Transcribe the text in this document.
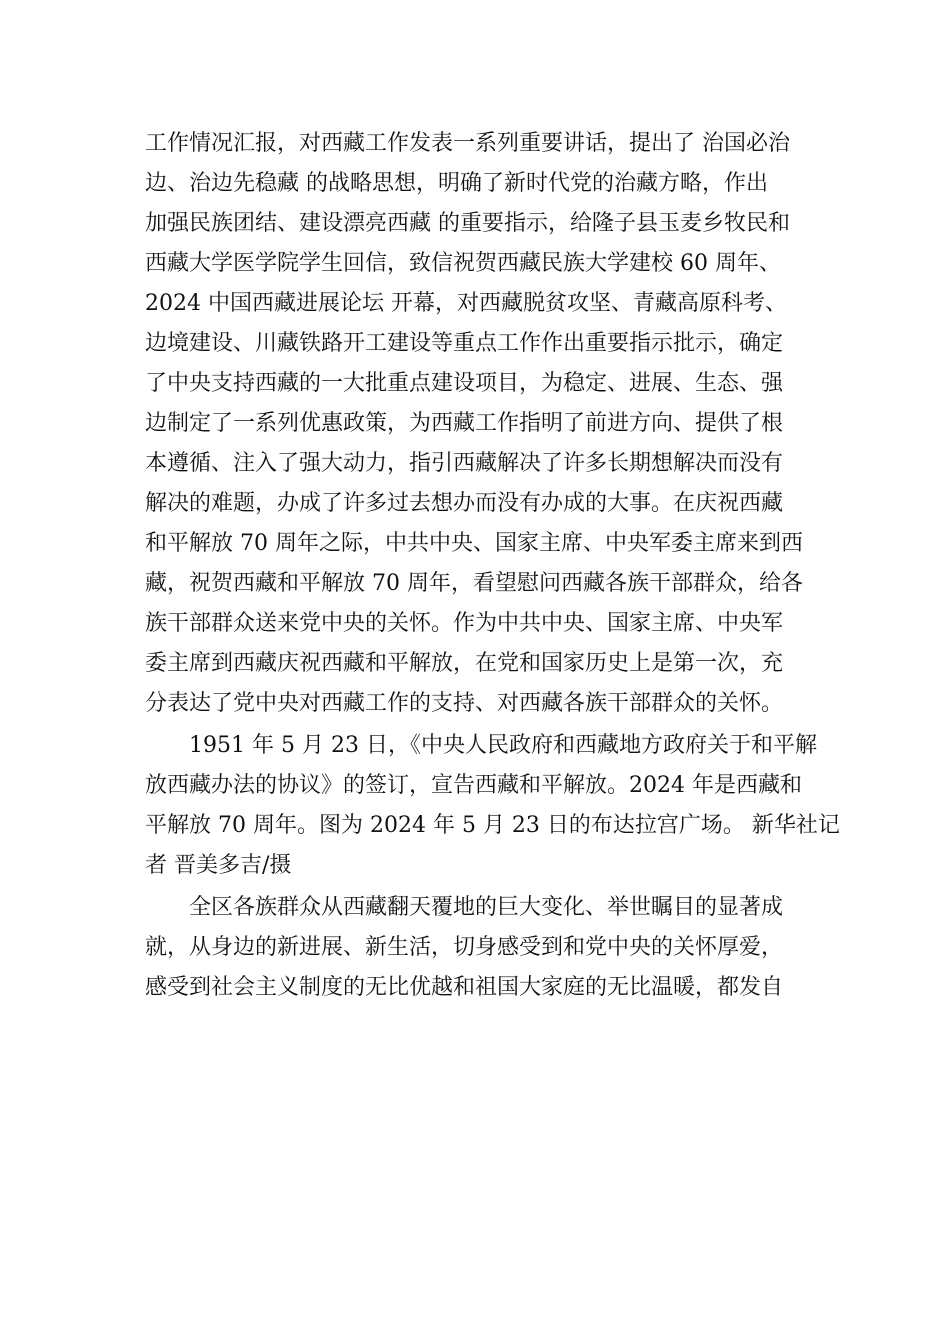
工作情况汇报，对西藏工作发表一系列重要讲话，提出了 治国必治
边、治边先稳藏 的战略思想，明确了新时代党的治藏方略，作出
加强民族团结、建设漂亮西藏 的重要指示，给隆子县玉麦乡牧民和
西藏大学医学院学生回信，致信祝贺西藏民族大学建校 60 周年、
2024 中国西藏进展论坛 开幕，对西藏脱贫攻坚、青藏高原科考、
边境建设、川藏铁路开工建设等重点工作作出重要指示批示，确定
了中央支持西藏的一大批重点建设项目，为稳定、进展、生态、强
边制定了一系列优惠政策，为西藏工作指明了前进方向、提供了根
本遵循、注入了强大动力，指引西藏解决了许多长期想解决而没有
解决的难题，办成了许多过去想办而没有办成的大事。在庆祝西藏
和平解放 70 周年之际，中共中央、国家主席、中央军委主席来到西
藏，祝贺西藏和平解放 70 周年，看望慰问西藏各族干部群众，给各
族干部群众送来党中央的关怀。作为中共中央、国家主席、中央军
委主席到西藏庆祝西藏和平解放，在党和国家历史上是第一次，充
分表达了党中央对西藏工作的支持、对西藏各族干部群众的关怀。
1951 年 5 月 23 日，《中央人民政府和西藏地方政府关于和平解
放西藏办法的协议》的签订，宣告西藏和平解放。2024 年是西藏和
平解放 70 周年。图为 2024 年 5 月 23 日的布达拉宫广场。 新华社记
者 晋美多吉/摄
全区各族群众从西藏翻天覆地的巨大变化、举世瞩目的显著成
就，从身边的新进展、新生活，切身感受到和党中央的关怀厚爱，
感受到社会主义制度的无比优越和祖国大家庭的无比温暖，都发自
